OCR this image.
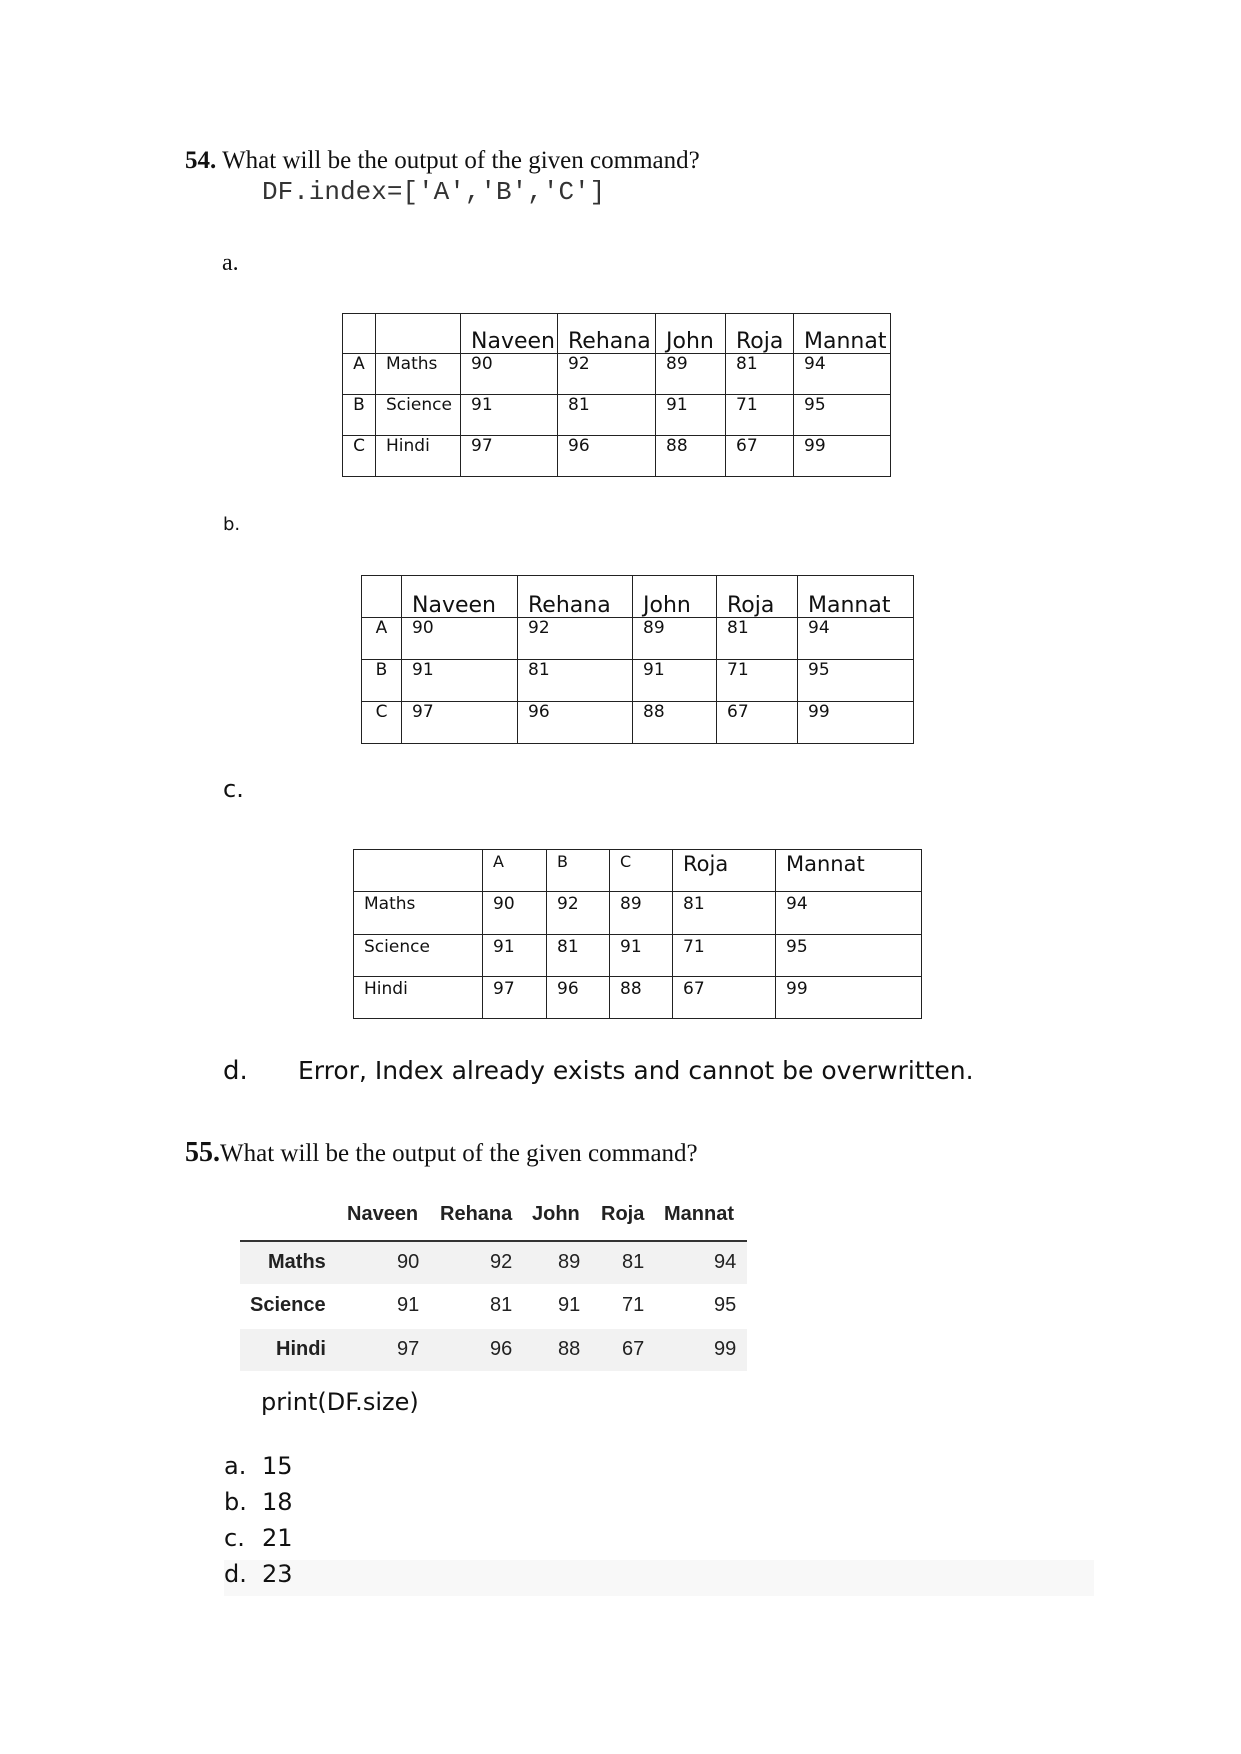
54. What will be the output of the given command?
DF.index=['A','B','C']
a.
		Naveen	Rehana	John	Roja	Mannat
A	Maths	90	92	89	81	94
B	Science	91	81	91	71	95
C	Hindi	97	96	88	67	99
b.
	Naveen	Rehana	John	Roja	Mannat
A	90	92	89	81	94
B	91	81	91	71	95
C	97	96	88	67	99
c.
	A	B	C	Roja	Mannat
Maths	90	92	89	81	94
Science	91	81	91	71	95
Hindi	97	96	88	67	99
d. Error, Index already exists and cannot be overwritten.
55.What will be the output of the given command?
Naveen Rehana John Roja Mannat
Maths	90	92 89 81	94
Science	91	81 91 71	95
Hindi	97	96 88 67	99
print(DF.size)
a. 15
b. 18
c. 21
d. 23
